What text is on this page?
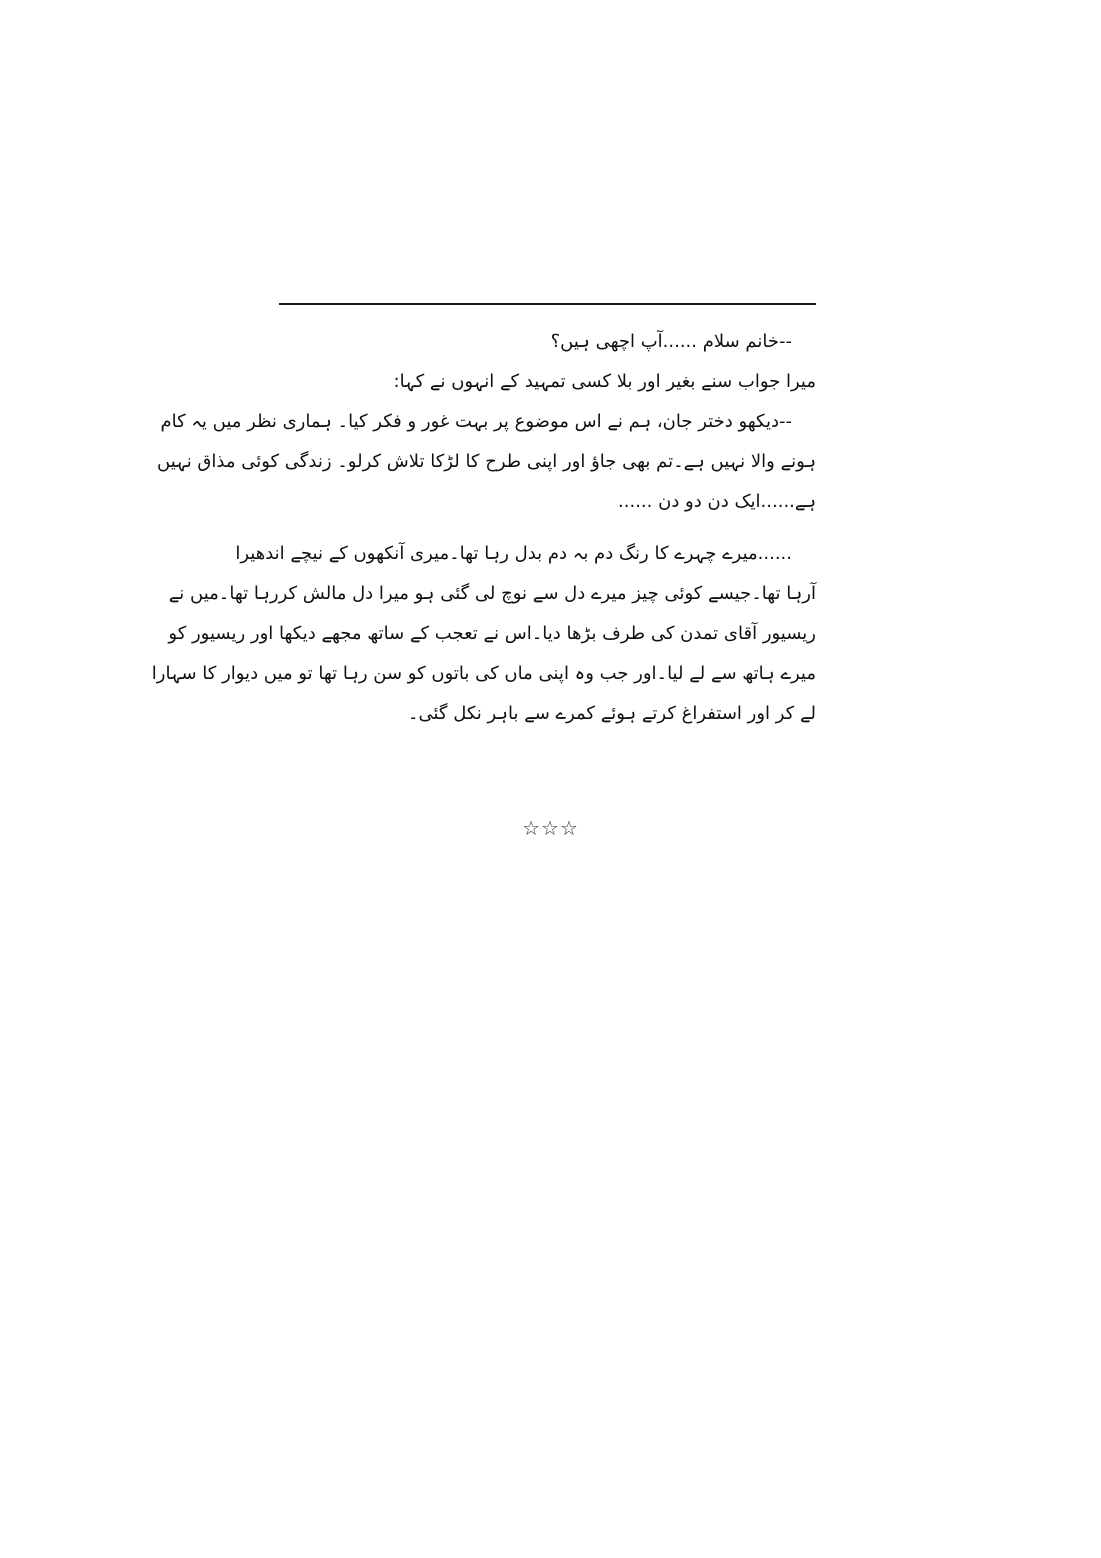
--خانم سلام ......آپ اچھی ہیں؟
میرا جواب سنے بغیر اور بلا کسی تمہید کے انہوں نے کہا:
--دیکھو دختر جان، ہم نے اس موضوع پر بہت غور و فکر کیا۔ ہماری نظر میں یہ کام
ہونے والا نہیں ہے۔تم بھی جاؤ اور اپنی طرح کا لڑکا تلاش کرلو۔ زندگی کوئی مذاق نہیں
ہے......ایک دن دو دن ......
......میرے چہرے کا رنگ دم بہ دم بدل رہا تھا۔میری آنکھوں کے نیچے اندھیرا
آرہا تھا۔جیسے کوئی چیز میرے دل سے نوچ لی گئی ہو میرا دل مالش کررہا تھا۔میں نے
ریسیور آقای تمدن کی طرف بڑھا دیا۔اس نے تعجب کے ساتھ مجھے دیکھا اور ریسیور کو
میرے ہاتھ سے لے لیا۔اور جب وہ اپنی ماں کی باتوں کو سن رہا تھا تو میں دیوار کا سہارا
لے کر اور استفراغ کرتے ہوئے کمرے سے باہر نکل گئی۔
☆☆☆
